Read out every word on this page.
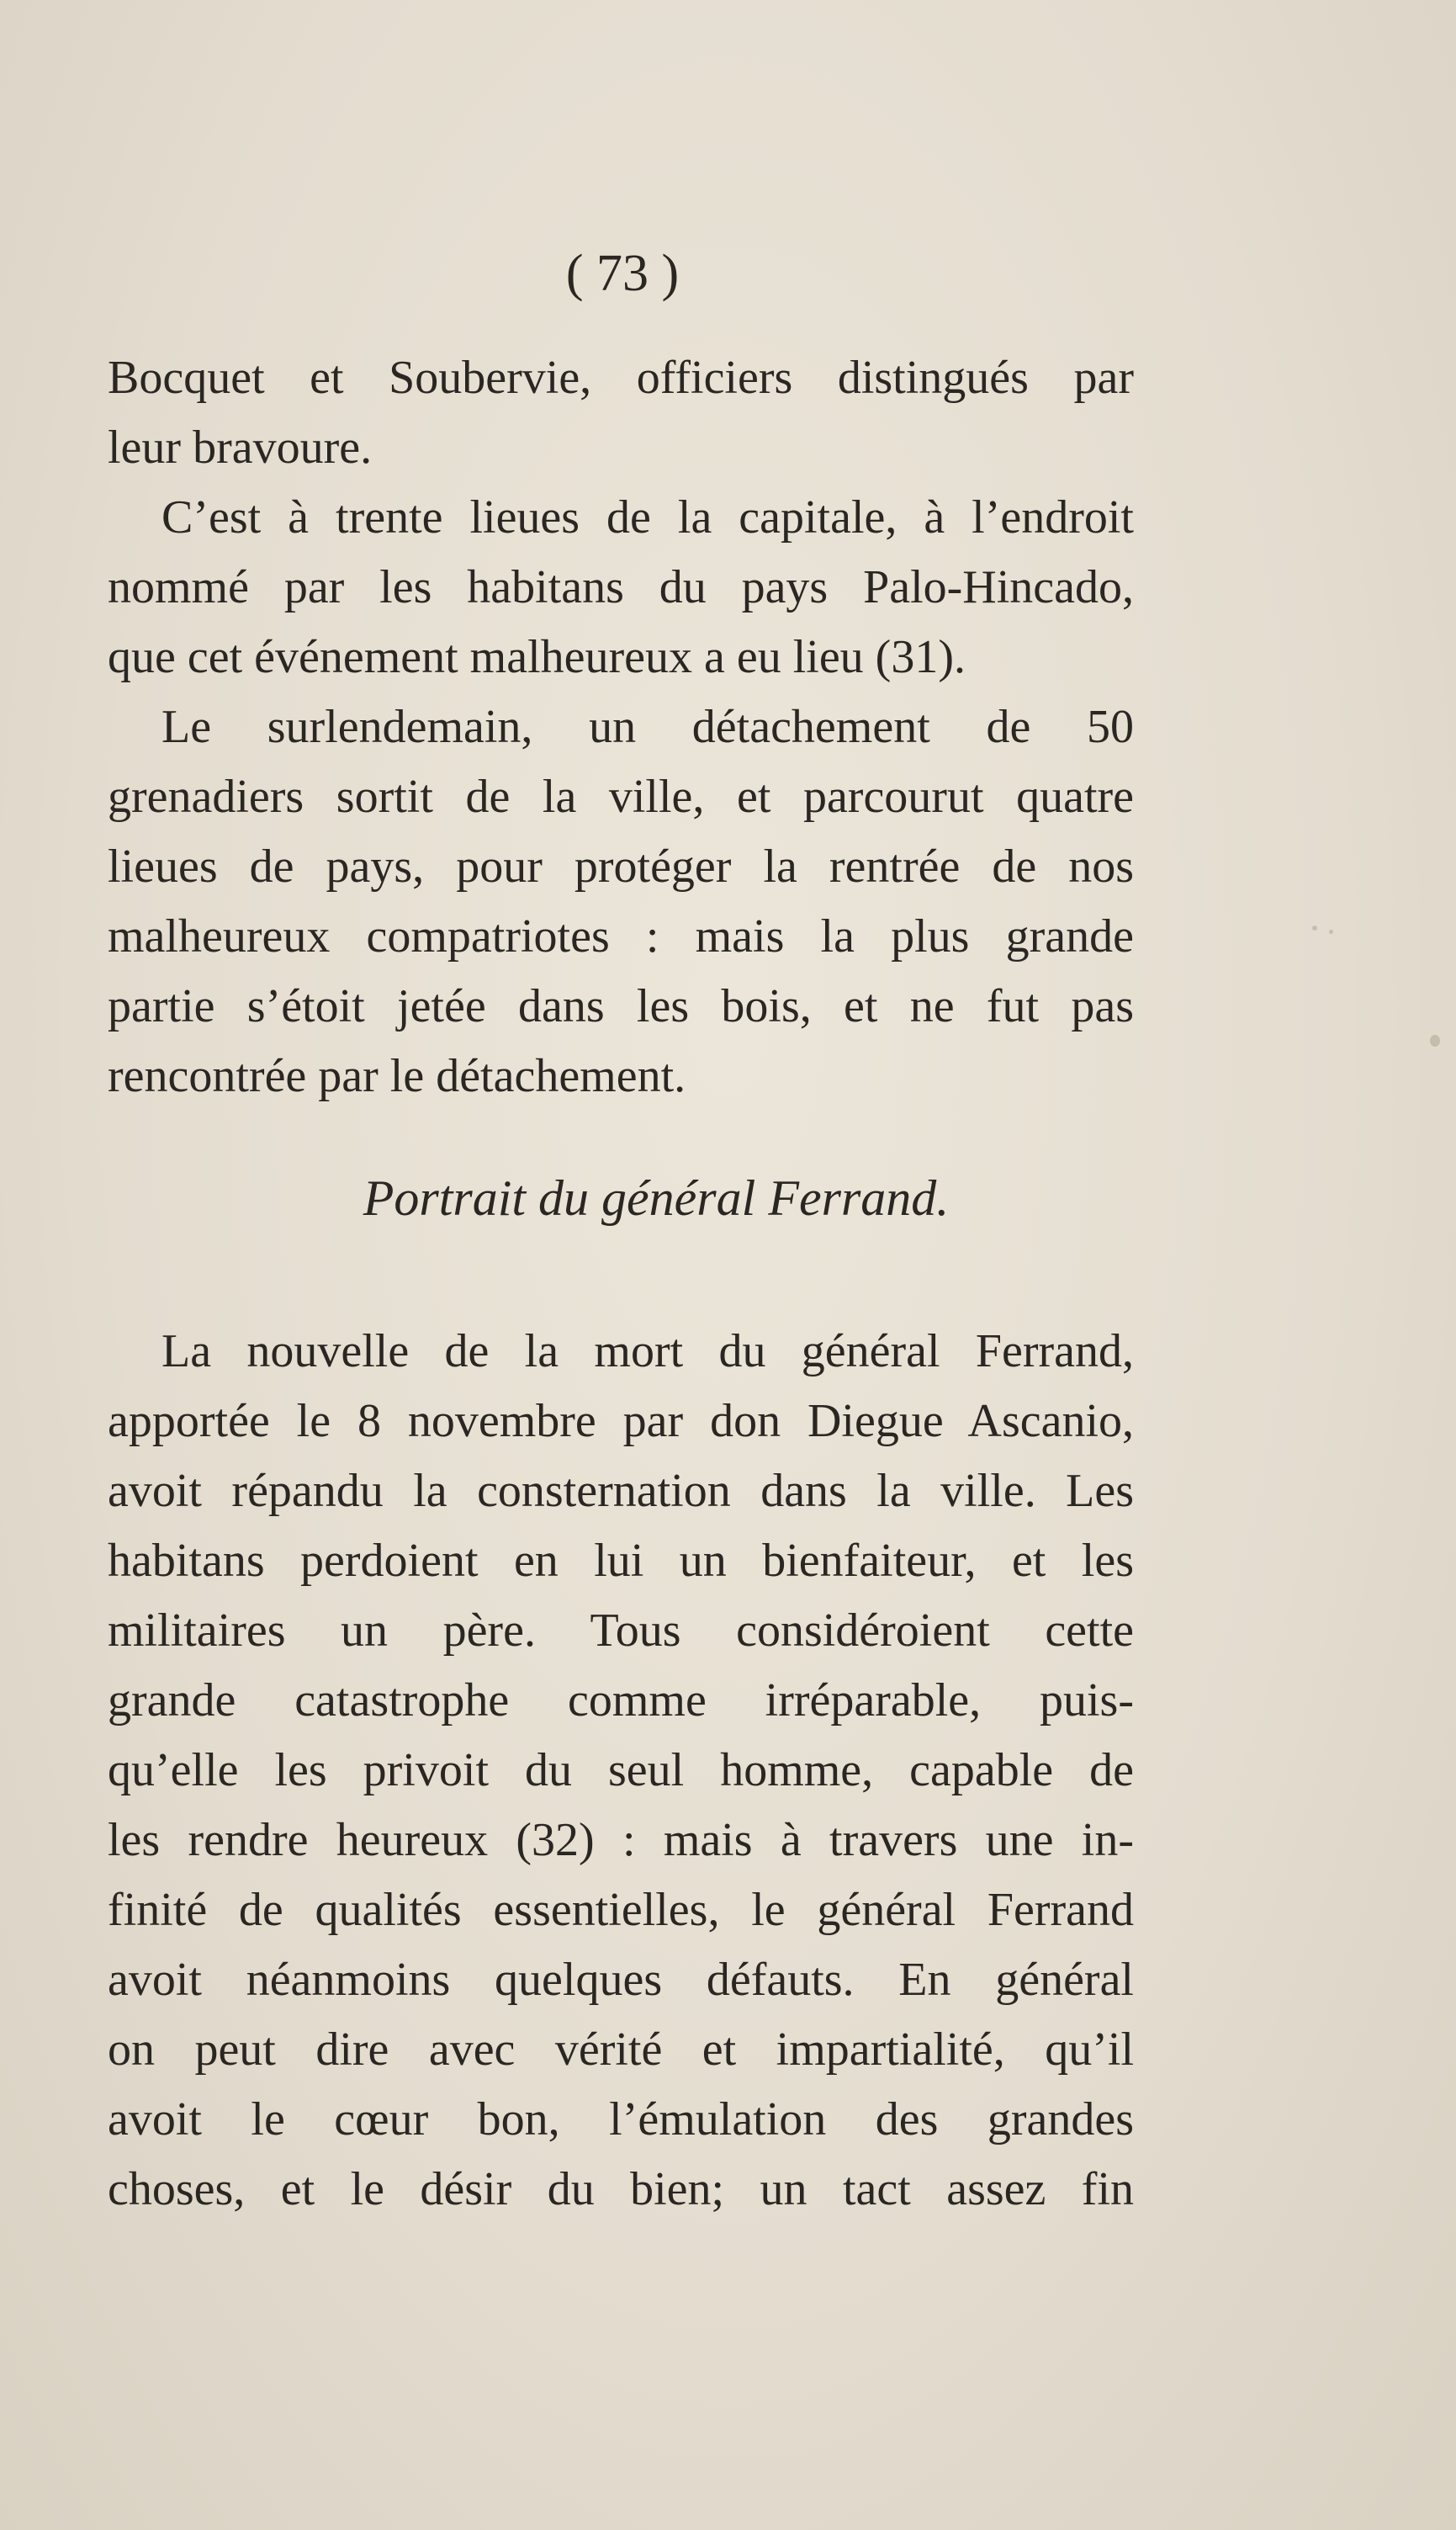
( 73 )
Bocquet et Soubervie, officiers distingués par
leur bravoure.
C’est à trente lieues de la capitale, à l’endroit
nommé par les habitans du pays Palo-Hincado,
que cet événement malheureux a eu lieu (31).
Le surlendemain, un détachement de 50
grenadiers sortit de la ville, et parcourut quatre
lieues de pays, pour protéger la rentrée de nos
malheureux compatriotes : mais la plus grande
partie s’étoit jetée dans les bois, et ne fut pas
rencontrée par le détachement.
Portrait du général Ferrand.
La nouvelle de la mort du général Ferrand,
apportée le 8 novembre par don Diegue Ascanio,
avoit répandu la consternation dans la ville. Les
habitans perdoient en lui un bienfaiteur, et les
militaires un père. Tous considéroient cette
grande catastrophe comme irréparable, puis-
qu’elle les privoit du seul homme, capable de
les rendre heureux (32) : mais à travers une in-
finité de qualités essentielles, le général Ferrand
avoit néanmoins quelques défauts. En général
on peut dire avec vérité et impartialité, qu’il
avoit le cœur bon, l’émulation des grandes
choses, et le désir du bien; un tact assez fin
